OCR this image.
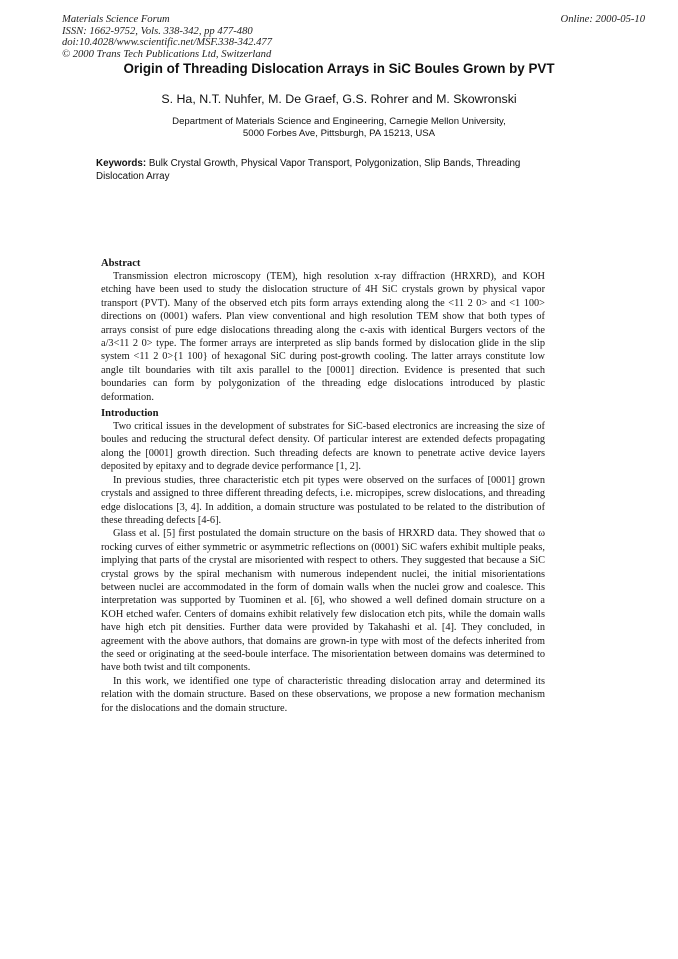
Materials Science Forum
ISSN: 1662-9752, Vols. 338-342, pp 477-480
doi:10.4028/www.scientific.net/MSF.338-342.477
© 2000 Trans Tech Publications Ltd, Switzerland
Online: 2000-05-10
Origin of Threading Dislocation Arrays in SiC Boules Grown by PVT
S. Ha, N.T. Nuhfer, M. De Graef, G.S. Rohrer and M. Skowronski
Department of Materials Science and Engineering, Carnegie Mellon University,
5000 Forbes Ave, Pittsburgh, PA 15213, USA
Keywords: Bulk Crystal Growth, Physical Vapor Transport, Polygonization, Slip Bands, Threading Dislocation Array
Abstract

Transmission electron microscopy (TEM), high resolution x-ray diffraction (HRXRD), and KOH etching have been used to study the dislocation structure of 4H SiC crystals grown by physical vapor transport (PVT). Many of the observed etch pits form arrays extending along the <11 2 0> and <1 100> directions on (0001) wafers. Plan view conventional and high resolution TEM show that both types of arrays consist of pure edge dislocations threading along the c-axis with identical Burgers vectors of the a/3<11 2 0> type. The former arrays are interpreted as slip bands formed by dislocation glide in the slip system <11 2 0>{1 100} of hexagonal SiC during post-growth cooling. The latter arrays constitute low angle tilt boundaries with tilt axis parallel to the [0001] direction. Evidence is presented that such boundaries can form by polygonization of the threading edge dislocations introduced by plastic deformation.

Introduction

Two critical issues in the development of substrates for SiC-based electronics are increasing the size of boules and reducing the structural defect density. Of particular interest are extended defects propagating along the [0001] growth direction. Such threading defects are known to penetrate active device layers deposited by epitaxy and to degrade device performance [1, 2].

In previous studies, three characteristic etch pit types were observed on the surfaces of [0001] grown crystals and assigned to three different threading defects, i.e. micropipes, screw dislocations, and threading edge dislocations [3, 4]. In addition, a domain structure was postulated to be related to the distribution of these threading defects [4-6].

Glass et al. [5] first postulated the domain structure on the basis of HRXRD data. They showed that ω rocking curves of either symmetric or asymmetric reflections on (0001) SiC wafers exhibit multiple peaks, implying that parts of the crystal are misoriented with respect to others. They suggested that because a SiC crystal grows by the spiral mechanism with numerous independent nuclei, the initial misorientations between nuclei are accommodated in the form of domain walls when the nuclei grow and coalesce. This interpretation was supported by Tuominen et al. [6], who showed a well defined domain structure on a KOH etched wafer. Centers of domains exhibit relatively few dislocation etch pits, while the domain walls have high etch pit densities. Further data were provided by Takahashi et al. [4]. They concluded, in agreement with the above authors, that domains are grown-in type with most of the defects inherited from the seed or originating at the seed-boule interface. The misorientation between domains was determined to have both twist and tilt components.

In this work, we identified one type of characteristic threading dislocation array and determined its relation with the domain structure. Based on these observations, we propose a new formation mechanism for the dislocations and the domain structure.
